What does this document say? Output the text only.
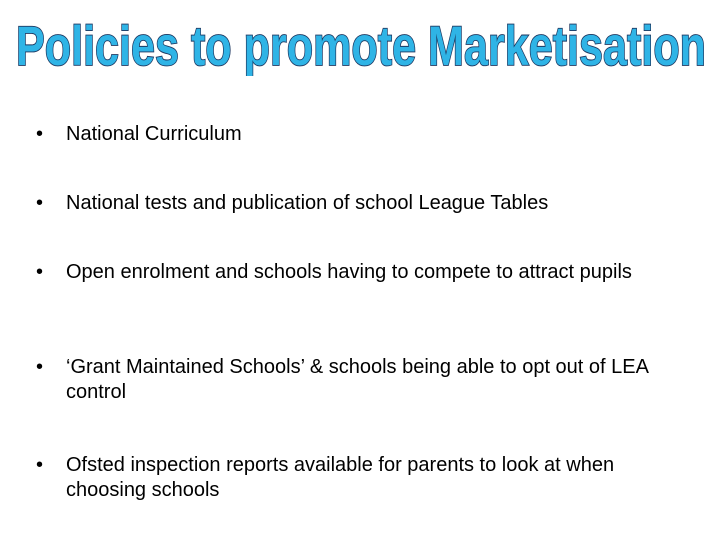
Policies to promote Marketisation
•	National Curriculum
•	National tests and publication of school League Tables
•	Open enrolment and schools having to compete to attract pupils
•	‘Grant Maintained Schools’ & schools being able to opt out of LEA control
•	Ofsted inspection reports available for parents to look at when choosing schools
